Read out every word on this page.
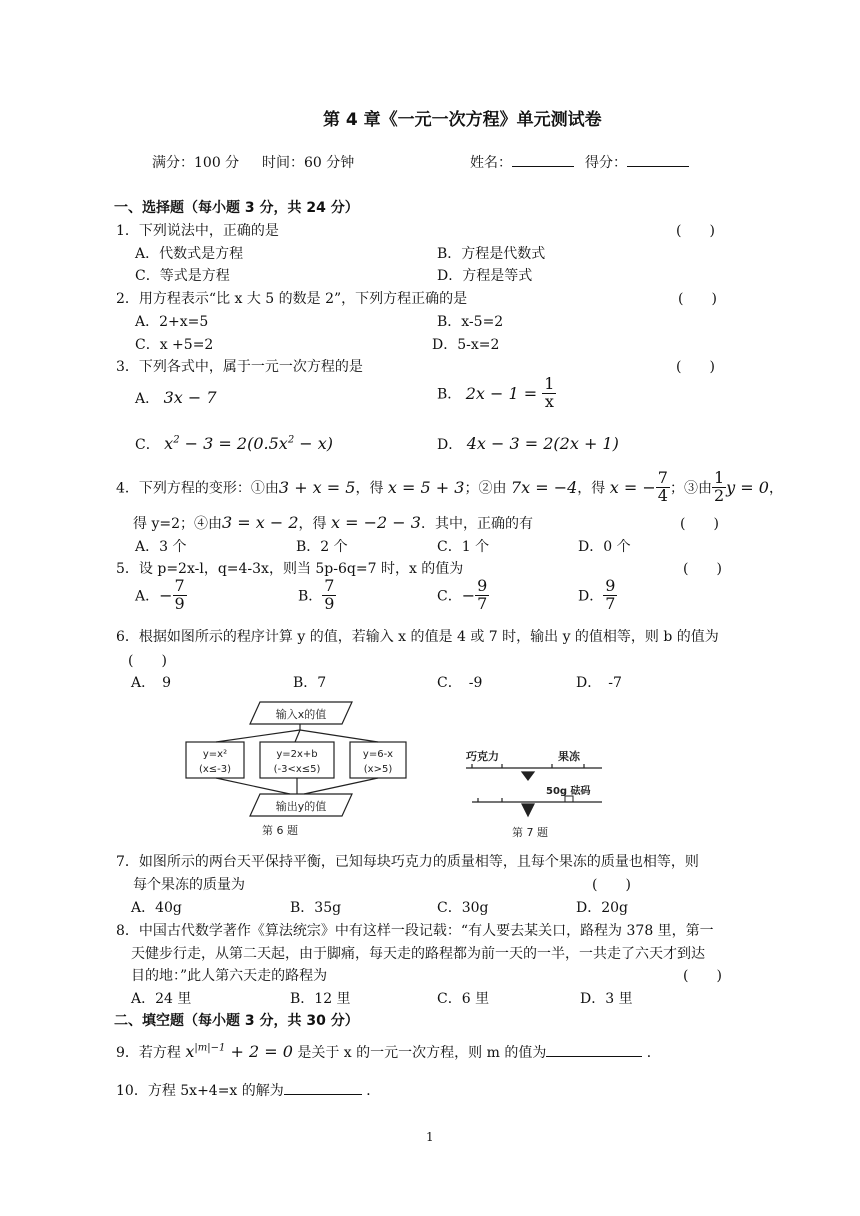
第 4 章《一元一次方程》单元测试卷
满分：100 分 时间：60 分钟	姓名：	得分：
一、选择题（每小题 3 分，共 24 分）
1．下列说法中，正确的是	(　　)
A．代数式是方程	B．方程是代数式
C．等式是方程	D．方程是等式
2．用方程表示“比 x 大 5 的数是 2”，下列方程正确的是	(　　)
A．2+x=5	B．x-5=2
C．x +5=2	D．5-x=2
3．下列各式中，属于一元一次方程的是	(　　)
A． 3x − 7	B． $2x - 1 = \frac{1}{x}$
C． $x^2 - 3 = 2(0.5x^2 - x)$	D． 4x − 3 = 2(2x + 1)
4．下列方程的变形：①由3 + x = 5，得 x = 5 + 3；②由 7x = −4，得 x = − $\frac{7}{4}$ ；③由 $\frac{1}{2}$ y = 0，
得 y=2；④由3 = x − 2，得 x = −2 − 3．其中，正确的有	(　　)
A．3 个	B．2 个	C．1 个	D．0 个
5．设 p=2x-l，q=4-3x，则当 5p-6q=7 时，x 的值为	(　　)
A．− $\frac{7}{9}$	B． $\frac{7}{9}$	C．− $\frac{9}{7}$	D． $\frac{9}{7}$
6．根据如图所示的程序计算 y 的值，若输入 x 的值是 4 或 7 时，输出 y 的值相等，则 b 的值为
(　　)
A．　9	B．7	C．　-9	D．　-7
输入x的值
y=x²
(x≤-3)
y=2x+b
(-3<x≤5)
y=6-x
(x>5)
输出y的值
第 6 题
巧克力	果冻
50g 砝码
第 7 题
7．如图所示的两台天平保持平衡，已知每块巧克力的质量相等，且每个果冻的质量也相等，则
每个果冻的质量为	(　　)
A．40g	B．35g	C．30g	D．20g
8．中国古代数学著作《算法统宗》中有这样一段记载：“有人要去某关口，路程为 378 里，第一
天健步行走，从第二天起，由于脚痛，每天走的路程都为前一天的一半，一共走了六天才到达
目的地：”此人第六天走的路程为	(　　)
A．24 里	B．12 里	C．6 里	D．3 里
二、填空题（每小题 3 分，共 30 分）
9．若方程 $x^{|m|-1} + 2 = 0$ 是关于 x 的一元一次方程，则 m 的值为	．
10．方程 5x+4=x 的解为	．
1
